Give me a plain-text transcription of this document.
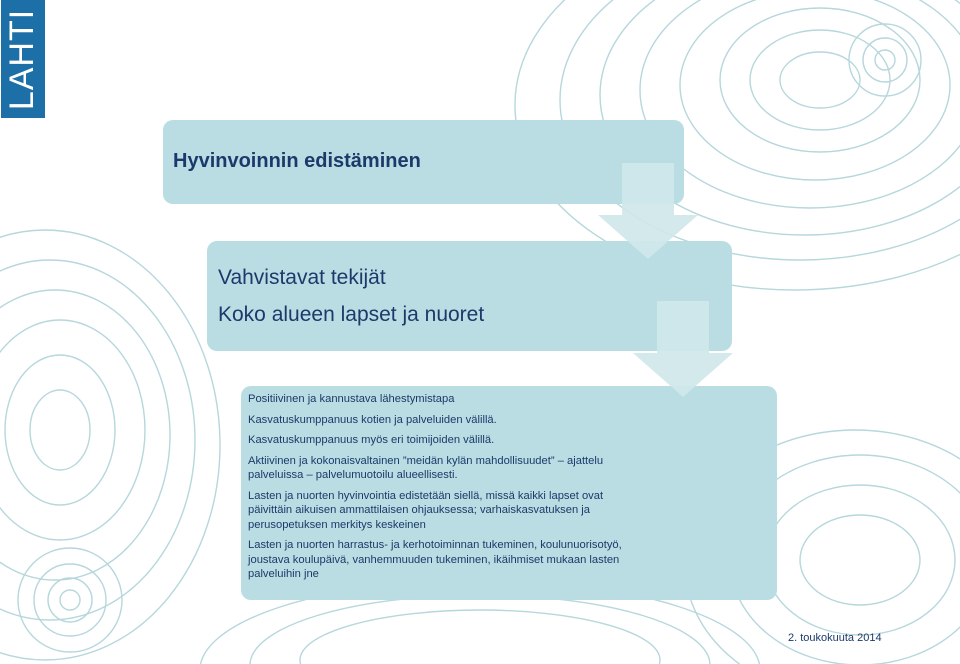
LAHTI
Hyvinvoinnin edistäminen
Vahvistavat tekijät
Koko alueen lapset ja nuoret

Positiivinen ja kannustava lähestymistapa

Kasvatuskumppanuus kotien ja palveluiden välillä.

Kasvatuskumppanuus myös eri toimijoiden välillä.

Aktiivinen ja kokonaisvaltainen ”meidän kylän mahdollisuudet” – ajattelu palveluissa – palvelumuotoilu alueellisesti.

Lasten ja nuorten hyvinvointia edistetään siellä, missä kaikki lapset ovat päivittäin aikuisen ammattilaisen ohjauksessa; varhaiskasvatuksen ja perusopetuksen merkitys keskeinen

Lasten ja nuorten harrastus- ja kerhotoiminnan tukeminen, koulunuorisotyö, joustava koulupäivä, vanhemmuuden tukeminen, ikäihmiset mukaan lasten palveluihin jne

2. toukokuuta 2014
